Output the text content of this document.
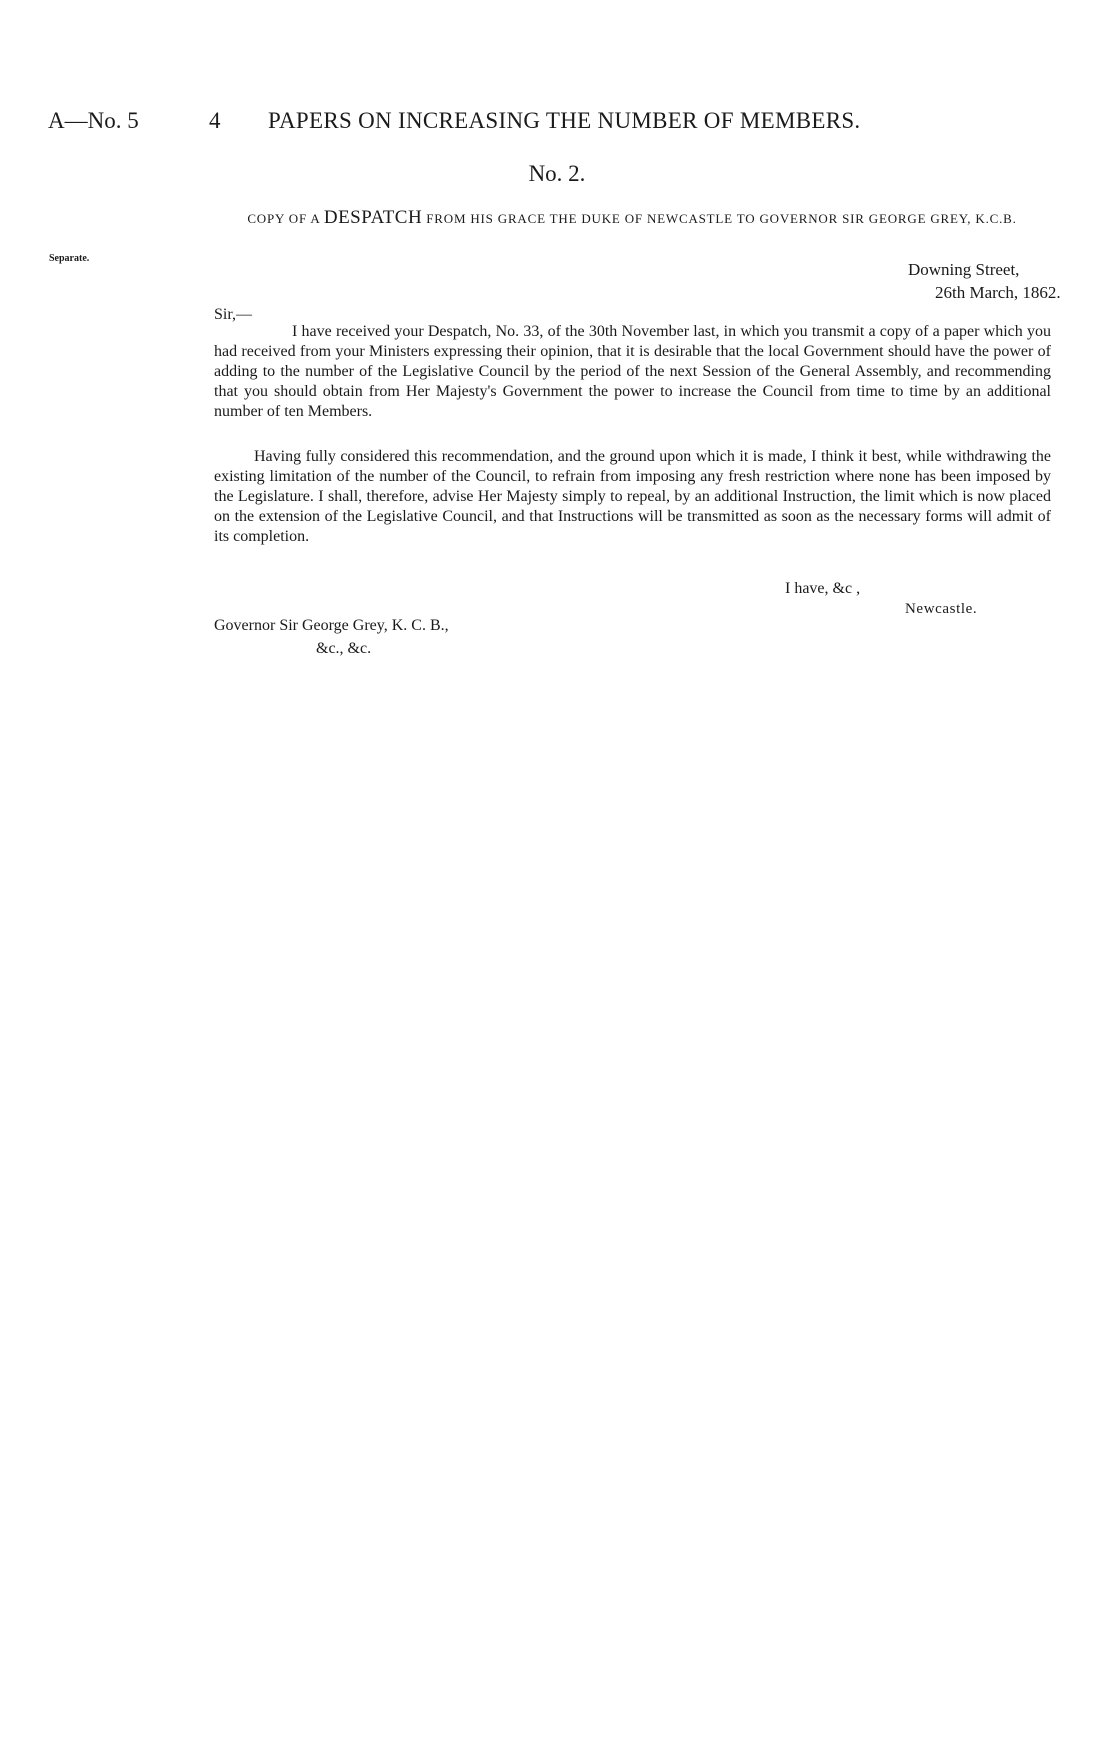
A—No. 5	4 PAPERS ON INCREASING THE NUMBER OF MEMBERS.
No. 2.
Separate.
COPY OF A DESPATCH FROM HIS GRACE THE DUKE OF NEWCASTLE TO GOVERNOR SIR GEORGE GREY, K.C.B.
Downing Street,
26th March, 1862.
Sir,—
I have received your Despatch, No. 33, of the 30th November last, in which you transmit a copy of a paper which you had received from your Ministers expressing their opinion, that it is desirable that the local Government should have the power of adding to the number of the Legislative Council by the period of the next Session of the General Assembly, and recommending that you should obtain from Her Majesty's Government the power to increase the Council from time to time by an additional number of ten Members.
Having fully considered this recommendation, and the ground upon which it is made, I think it best, while withdrawing the existing limitation of the number of the Council, to refrain from imposing any fresh restriction where none has been imposed by the Legislature. I shall, therefore, advise Her Majesty simply to repeal, by an additional Instruction, the limit which is now placed on the extension of the Legislative Council, and that Instructions will be transmitted as soon as the necessary forms will admit of its completion.
I have, &c ,
Newcastle.
Governor Sir George Grey, K. C. B.,
&c., &c.
